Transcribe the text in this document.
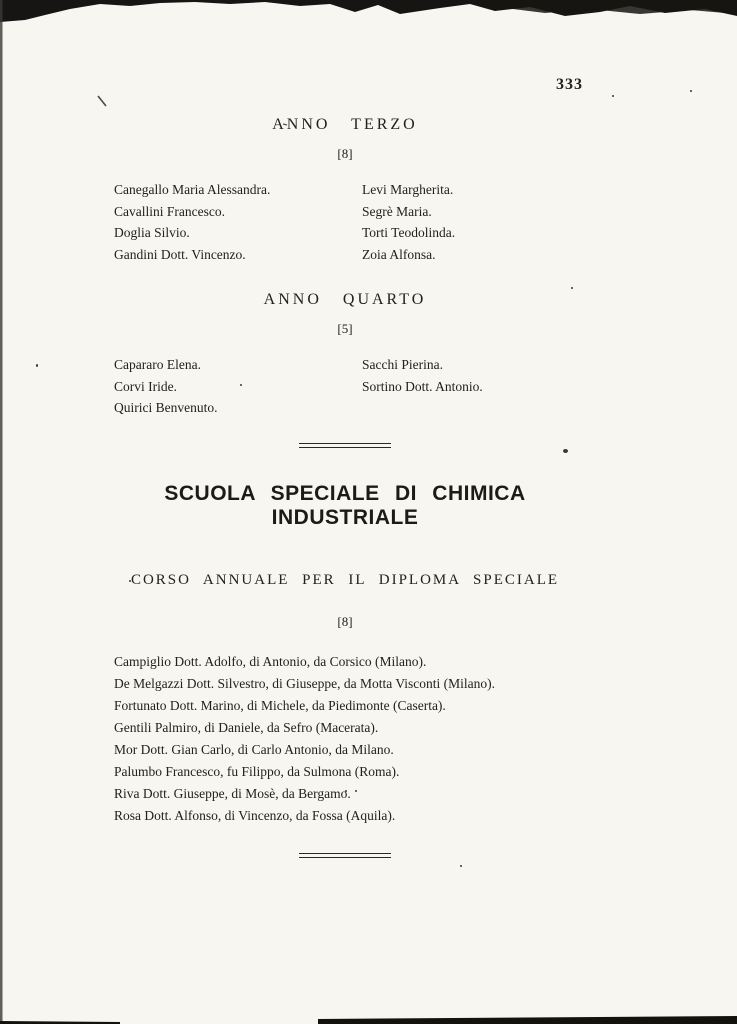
333
ANNO TERZO
[8]
Canegallo Maria Alessandra.
Cavallini Francesco.
Doglia Silvio.
Gandini Dott. Vincenzo.
Levi Margherita.
Segrè Maria.
Torti Teodolinda.
Zoia Alfonsa.
ANNO QUARTO
[5]
Capararo Elena.
Corvi Iride.
Quirici Benvenuto.
Sacchi Pierina.
Sortino Dott. Antonio.
SCUOLA SPECIALE DI CHIMICA INDUSTRIALE
CORSO ANNUALE PER IL DIPLOMA SPECIALE
[8]
Campiglio Dott. Adolfo, di Antonio, da Corsico (Milano).
De Melgazzi Dott. Silvestro, di Giuseppe, da Motta Visconti (Milano).
Fortunato Dott. Marino, di Michele, da Piedimonte (Caserta).
Gentili Palmiro, di Daniele, da Sefro (Macerata).
Mor Dott. Gian Carlo, di Carlo Antonio, da Milano.
Palumbo Francesco, fu Filippo, da Sulmona (Roma).
Riva Dott. Giuseppe, di Mosè, da Bergamo.
Rosa Dott. Alfonso, di Vincenzo, da Fossa (Aquila).
